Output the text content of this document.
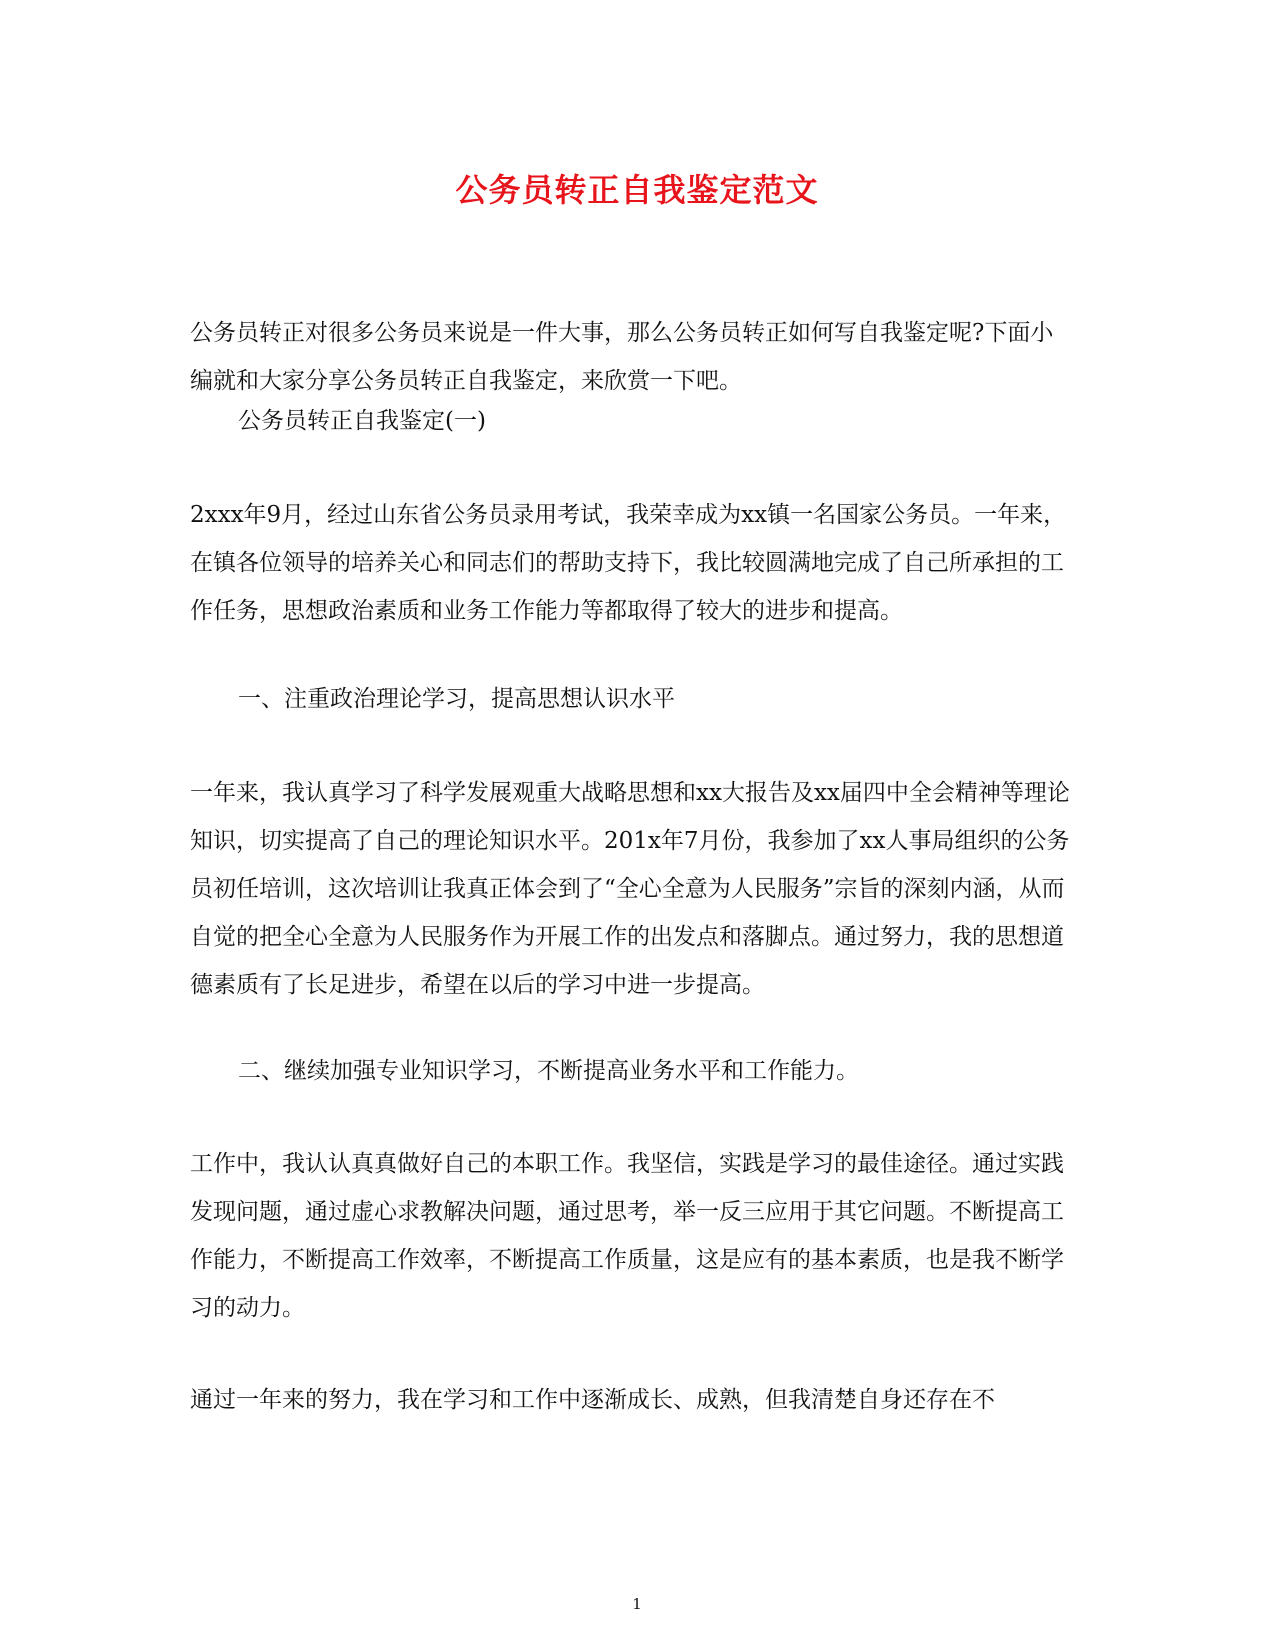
公务员转正自我鉴定范文

公务员转正对很多公务员来说是一件大事，那么公务员转正如何写自我鉴定呢?下面小编就和大家分享公务员转正自我鉴定，来欣赏一下吧。

公务员转正自我鉴定(一)

2xxx年9月，经过山东省公务员录用考试，我荣幸成为xx镇一名国家公务员。一年来，在镇各位领导的培养关心和同志们的帮助支持下，我比较圆满地完成了自己所承担的工作任务，思想政治素质和业务工作能力等都取得了较大的进步和提高。

一、注重政治理论学习，提高思想认识水平

一年来，我认真学习了科学发展观重大战略思想和xx大报告及xx届四中全会精神等理论知识，切实提高了自己的理论知识水平。201x年7月份，我参加了xx人事局组织的公务员初任培训，这次培训让我真正体会到了“全心全意为人民服务”宗旨的深刻内涵，从而自觉的把全心全意为人民服务作为开展工作的出发点和落脚点。通过努力，我的思想道德素质有了长足进步，希望在以后的学习中进一步提高。

二、继续加强专业知识学习，不断提高业务水平和工作能力。

工作中，我认认真真做好自己的本职工作。我坚信，实践是学习的最佳途径。通过实践发现问题，通过虚心求教解决问题，通过思考，举一反三应用于其它问题。不断提高工作能力，不断提高工作效率，不断提高工作质量，这是应有的基本素质，也是我不断学习的动力。

通过一年来的努力，我在学习和工作中逐渐成长、成熟，但我清楚自身还存在不

1
